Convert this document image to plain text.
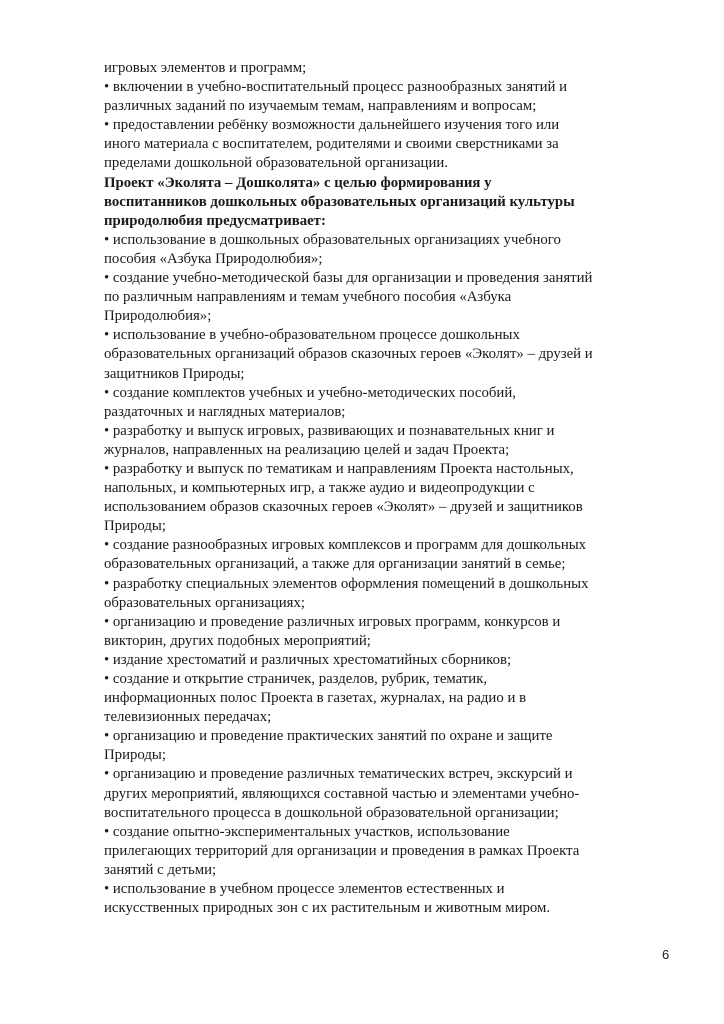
игровых элементов и программ;
• включении в учебно-воспитательный процесс разнообразных занятий и
различных заданий по изучаемым темам, направлениям и вопросам;
• предоставлении ребёнку возможности дальнейшего изучения того или
иного материала с воспитателем, родителями и своими сверстниками за
пределами дошкольной образовательной организации.
Проект «Эколята – Дошколята» с целью формирования у
воспитанников дошкольных образовательных организаций культуры
природолюбия предусматривает:
• использование в дошкольных образовательных организациях учебного
пособия «Азбука Природолюбия»;
• создание учебно-методической базы для организации и проведения занятий
по различным направлениям и темам учебного пособия «Азбука
Природолюбия»;
• использование в учебно-образовательном процессе дошкольных
образовательных организаций образов сказочных героев «Эколят» – друзей и
защитников Природы;
• создание комплектов учебных и учебно-методических пособий,
раздаточных и наглядных материалов;
• разработку и выпуск игровых, развивающих и познавательных книг и
журналов, направленных на реализацию целей и задач Проекта;
• разработку и выпуск по тематикам и направлениям Проекта настольных,
напольных, и компьютерных игр, а также аудио и видеопродукции с
использованием образов сказочных героев «Эколят» – друзей и защитников
Природы;
• создание разнообразных игровых комплексов и программ для дошкольных
образовательных организаций, а также для организации занятий в семье;
• разработку специальных элементов оформления помещений в дошкольных
образовательных организациях;
• организацию и проведение различных игровых программ, конкурсов и
викторин, других подобных мероприятий;
• издание хрестоматий и различных хрестоматийных сборников;
• создание и открытие страничек, разделов, рубрик, тематик,
информационных полос Проекта в газетах, журналах, на радио и в
телевизионных передачах;
• организацию и проведение практических занятий по охране и защите
Природы;
• организацию и проведение различных тематических встреч, экскурсий и
других мероприятий, являющихся составной частью и элементами учебно-
воспитательного процесса в дошкольной образовательной организации;
• создание опытно-экспериментальных участков, использование
прилегающих территорий для организации и проведения в рамках Проекта
занятий с детьми;
• использование в учебном процессе элементов естественных и
искусственных природных зон с их растительным и животным миром.
6
